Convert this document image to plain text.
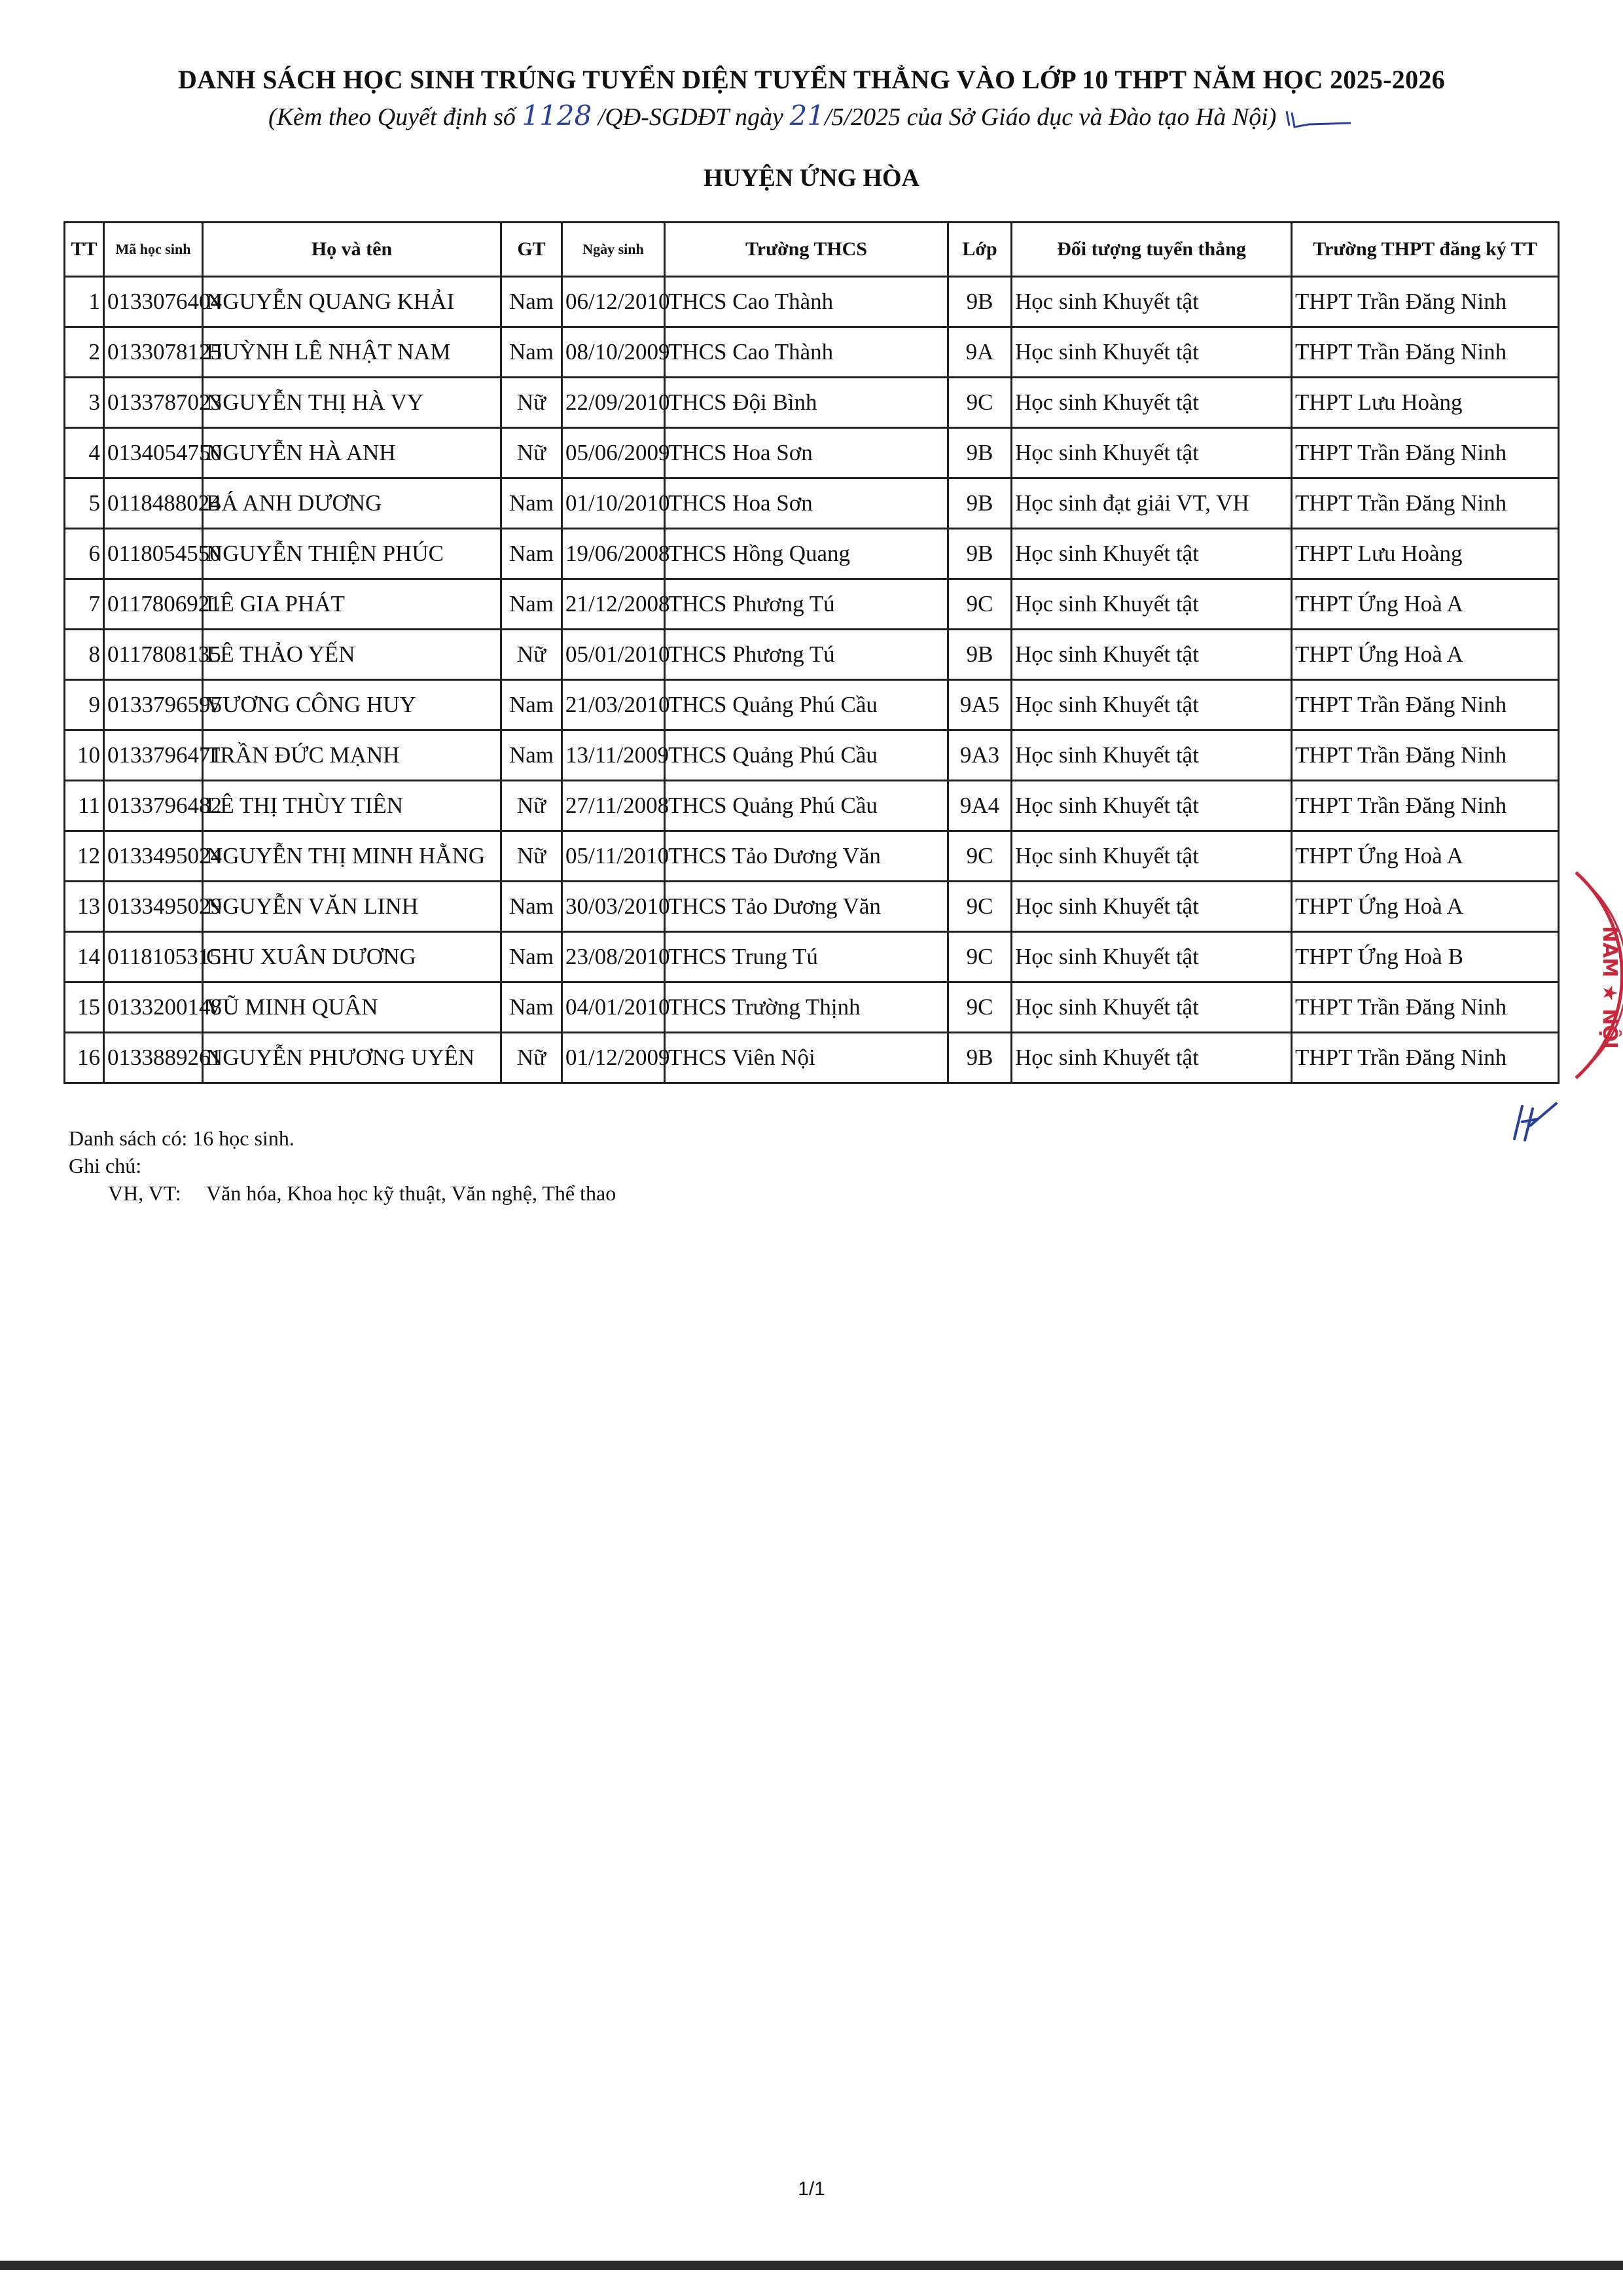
DANH SÁCH HỌC SINH TRÚNG TUYỂN DIỆN TUYỂN THẲNG VÀO LỚP 10 THPT NĂM HỌC 2025-2026
(Kèm theo Quyết định số 1128 /QĐ-SGDĐT ngày 21/5/2025 của Sở Giáo dục và Đào tạo Hà Nội)
HUYỆN ỨNG HÒA
TT	Mã học sinh	Họ và tên	GT	Ngày sinh	Trường THCS	Lớp	Đối tượng tuyển thẳng	Trường THPT đăng ký TT
1	0133076404	NGUYỄN QUANG KHẢI	Nam	06/12/2010	THCS Cao Thành	9B	Học sinh Khuyết tật	THPT Trần Đăng Ninh
2	0133078125	HUỲNH LÊ NHẬT NAM	Nam	08/10/2009	THCS Cao Thành	9A	Học sinh Khuyết tật	THPT Trần Đăng Ninh
3	0133787023	NGUYỄN THỊ HÀ VY	Nữ	22/09/2010	THCS Đội Bình	9C	Học sinh Khuyết tật	THPT Lưu Hoàng
4	0134054750	NGUYỄN HÀ ANH	Nữ	05/06/2009	THCS Hoa Sơn	9B	Học sinh Khuyết tật	THPT Trần Đăng Ninh
5	0118488024	BÁ ANH DƯƠNG	Nam	01/10/2010	THCS Hoa Sơn	9B	Học sinh đạt giải VT, VH	THPT Trần Đăng Ninh
6	0118054550	NGUYỄN THIỆN PHÚC	Nam	19/06/2008	THCS Hồng Quang	9B	Học sinh Khuyết tật	THPT Lưu Hoàng
7	0117806921	LÊ GIA PHÁT	Nam	21/12/2008	THCS Phương Tú	9C	Học sinh Khuyết tật	THPT Ứng Hoà A
8	0117808135	LÊ THẢO YẾN	Nữ	05/01/2010	THCS Phương Tú	9B	Học sinh Khuyết tật	THPT Ứng Hoà A
9	0133796595	VƯƠNG CÔNG HUY	Nam	21/03/2010	THCS Quảng Phú Cầu	9A5	Học sinh Khuyết tật	THPT Trần Đăng Ninh
10	0133796471	TRẦN ĐỨC MẠNH	Nam	13/11/2009	THCS Quảng Phú Cầu	9A3	Học sinh Khuyết tật	THPT Trần Đăng Ninh
11	0133796482	LÊ THỊ THÙY TIÊN	Nữ	27/11/2008	THCS Quảng Phú Cầu	9A4	Học sinh Khuyết tật	THPT Trần Đăng Ninh
12	0133495024	NGUYỄN THỊ MINH HẰNG	Nữ	05/11/2010	THCS Tảo Dương Văn	9C	Học sinh Khuyết tật	THPT Ứng Hoà A
13	0133495029	NGUYỄN VĂN LINH	Nam	30/03/2010	THCS Tảo Dương Văn	9C	Học sinh Khuyết tật	THPT Ứng Hoà A
14	0118105315	CHU XUÂN DƯƠNG	Nam	23/08/2010	THCS Trung Tú	9C	Học sinh Khuyết tật	THPT Ứng Hoà B
15	0133200148	VŨ MINH QUÂN	Nam	04/01/2010	THCS Trường Thịnh	9C	Học sinh Khuyết tật	THPT Trần Đăng Ninh
16	0133889261	NGUYỄN PHƯƠNG UYÊN	Nữ	01/12/2009	THCS Viên Nội	9B	Học sinh Khuyết tật	THPT Trần Đăng Ninh
Danh sách có: 16 học sinh.
Ghi chú:
VH, VT: Văn hóa, Khoa học kỹ thuật, Văn nghệ, Thể thao
NAM ★ NỘI
1/1
